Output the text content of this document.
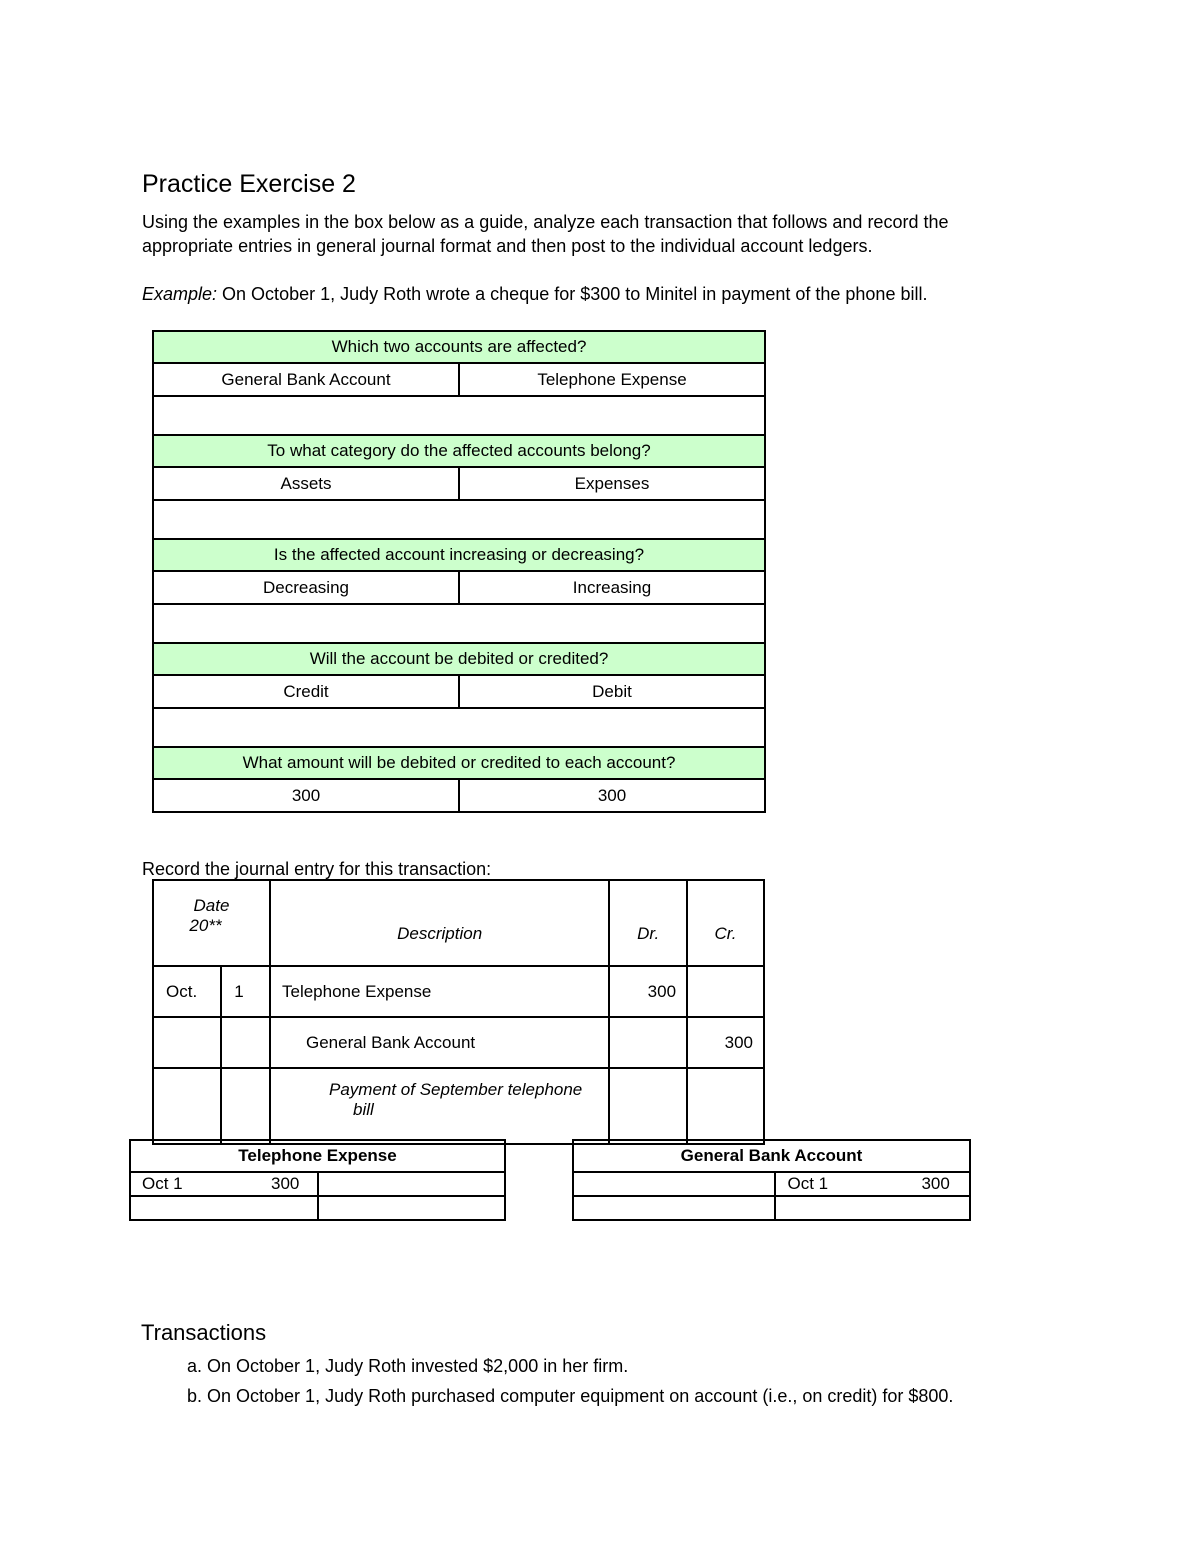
Practice Exercise 2
Using the examples in the box below as a guide, analyze each transaction that follows and record the
appropriate entries in general journal format and then post to the individual account ledgers.
Example: On October 1, Judy Roth wrote a cheque for $300 to Minitel in payment of the phone bill.
Which two accounts are affected?	
General Bank Account	Telephone Expense

To what category do the affected accounts belong?	
Assets	Expenses

Is the affected account increasing or decreasing?	
Decreasing	Increasing

Will the account be debited or credited?	
Credit	Debit

What amount will be debited or credited to each account?	
300	300
Record the journal entry for this transaction:
Date
20**		Description	Dr.	Cr.
Oct.	1	Telephone Expense	300	
		General Bank Account		300

		Payment of September telephone
bill		

Telephone Expense	

Oct 1 300	

General Bank Account	

	Oct 1 300

Transactions
a. On October 1, Judy Roth invested $2,000 in her firm.
b. On October 1, Judy Roth purchased computer equipment on account (i.e., on credit) for $800.
